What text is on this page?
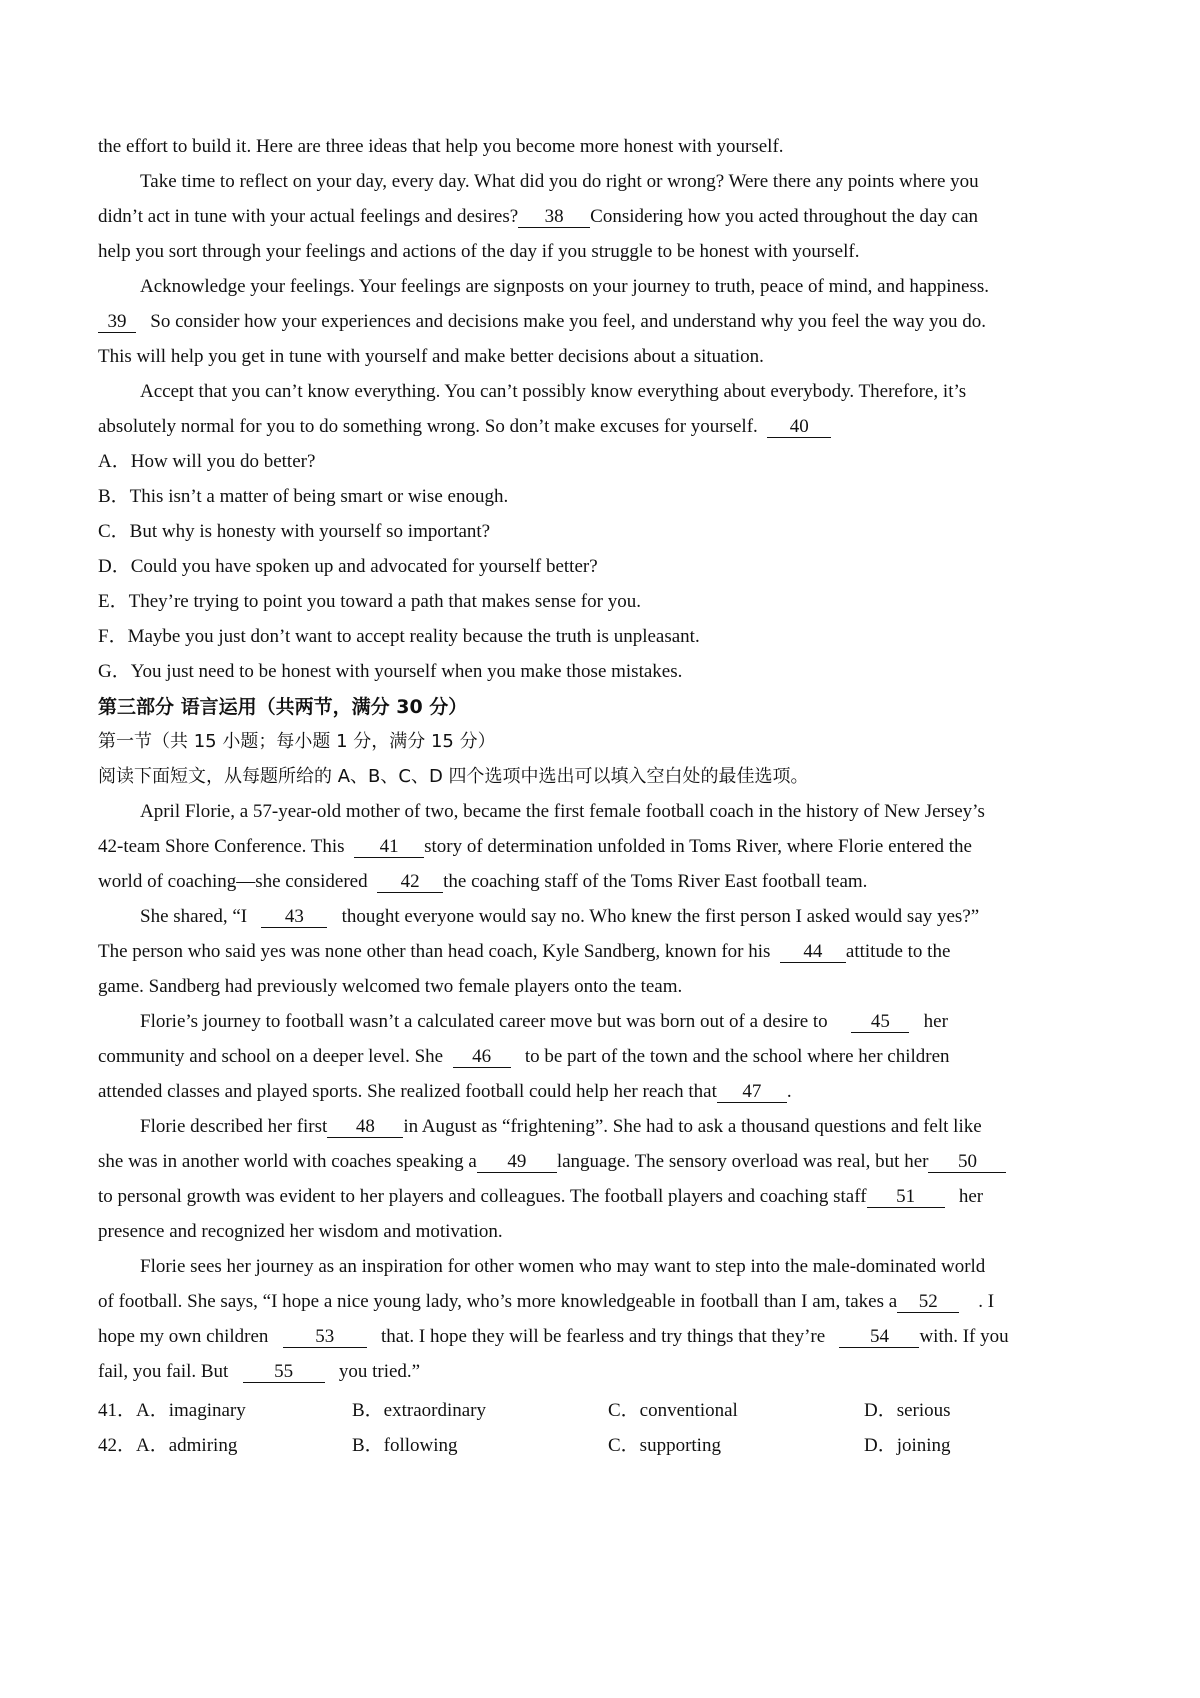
the effort to build it. Here are three ideas that help you become more honest with yourself.
Take time to reflect on your day, every day. What did you do right or wrong? Were there any points where you
didn’t act in tune with your actual feelings and desires? 38 Considering how you acted throughout the day can
help you sort through your feelings and actions of the day if you struggle to be honest with yourself.
Acknowledge your feelings. Your feelings are signposts on your journey to truth, peace of mind, and happiness.
39 So consider how your experiences and decisions make you feel, and understand why you feel the way you do.
This will help you get in tune with yourself and make better decisions about a situation.
Accept that you can’t know everything. You can’t possibly know everything about everybody. Therefore, it’s
absolutely normal for you to do something wrong. So don’t make excuses for yourself. 40
A．How will you do better?
B．This isn’t a matter of being smart or wise enough.
C．But why is honesty with yourself so important?
D．Could you have spoken up and advocated for yourself better?
E．They’re trying to point you toward a path that makes sense for you.
F．Maybe you just don’t want to accept reality because the truth is unpleasant.
G．You just need to be honest with yourself when you make those mistakes.
第三部分 语言运用（共两节，满分 30 分）
第一节（共 15 小题；每小题 1 分，满分 15 分）
阅读下面短文，从每题所给的 A、B、C、D 四个选项中选出可以填入空白处的最佳选项。
April Florie, a 57-year-old mother of two, became the first female football coach in the history of New Jersey’s
42-team Shore Conference. This 41 story of determination unfolded in Toms River, where Florie entered the
world of coaching—she considered 42 the coaching staff of the Toms River East football team.
She shared, “I 43 thought everyone would say no. Who knew the first person I asked would say yes?”
The person who said yes was none other than head coach, Kyle Sandberg, known for his 44 attitude to the
game. Sandberg had previously welcomed two female players onto the team.
Florie’s journey to football wasn’t a calculated career move but was born out of a desire to 45 her
community and school on a deeper level. She 46 to be part of the town and the school where her children
attended classes and played sports. She realized football could help her reach that 47 .
Florie described her first 48 in August as “frightening”. She had to ask a thousand questions and felt like
she was in another world with coaches speaking a 49 language. The sensory overload was real, but her 50
to personal growth was evident to her players and colleagues. The football players and coaching staff 51 her
presence and recognized her wisdom and motivation.
Florie sees her journey as an inspiration for other women who may want to step into the male-dominated world
of football. She says, “I hope a nice young lady, who’s more knowledgeable in football than I am, takes a 52 . I
hope my own children 53 that. I hope they will be fearless and try things that they’re 54 with. If you
fail, you fail. But 55 you tried.”
41．A．imaginary	B．extraordinary	C．conventional	D．serious
42．A．admiring	B．following	C．supporting	D．joining
